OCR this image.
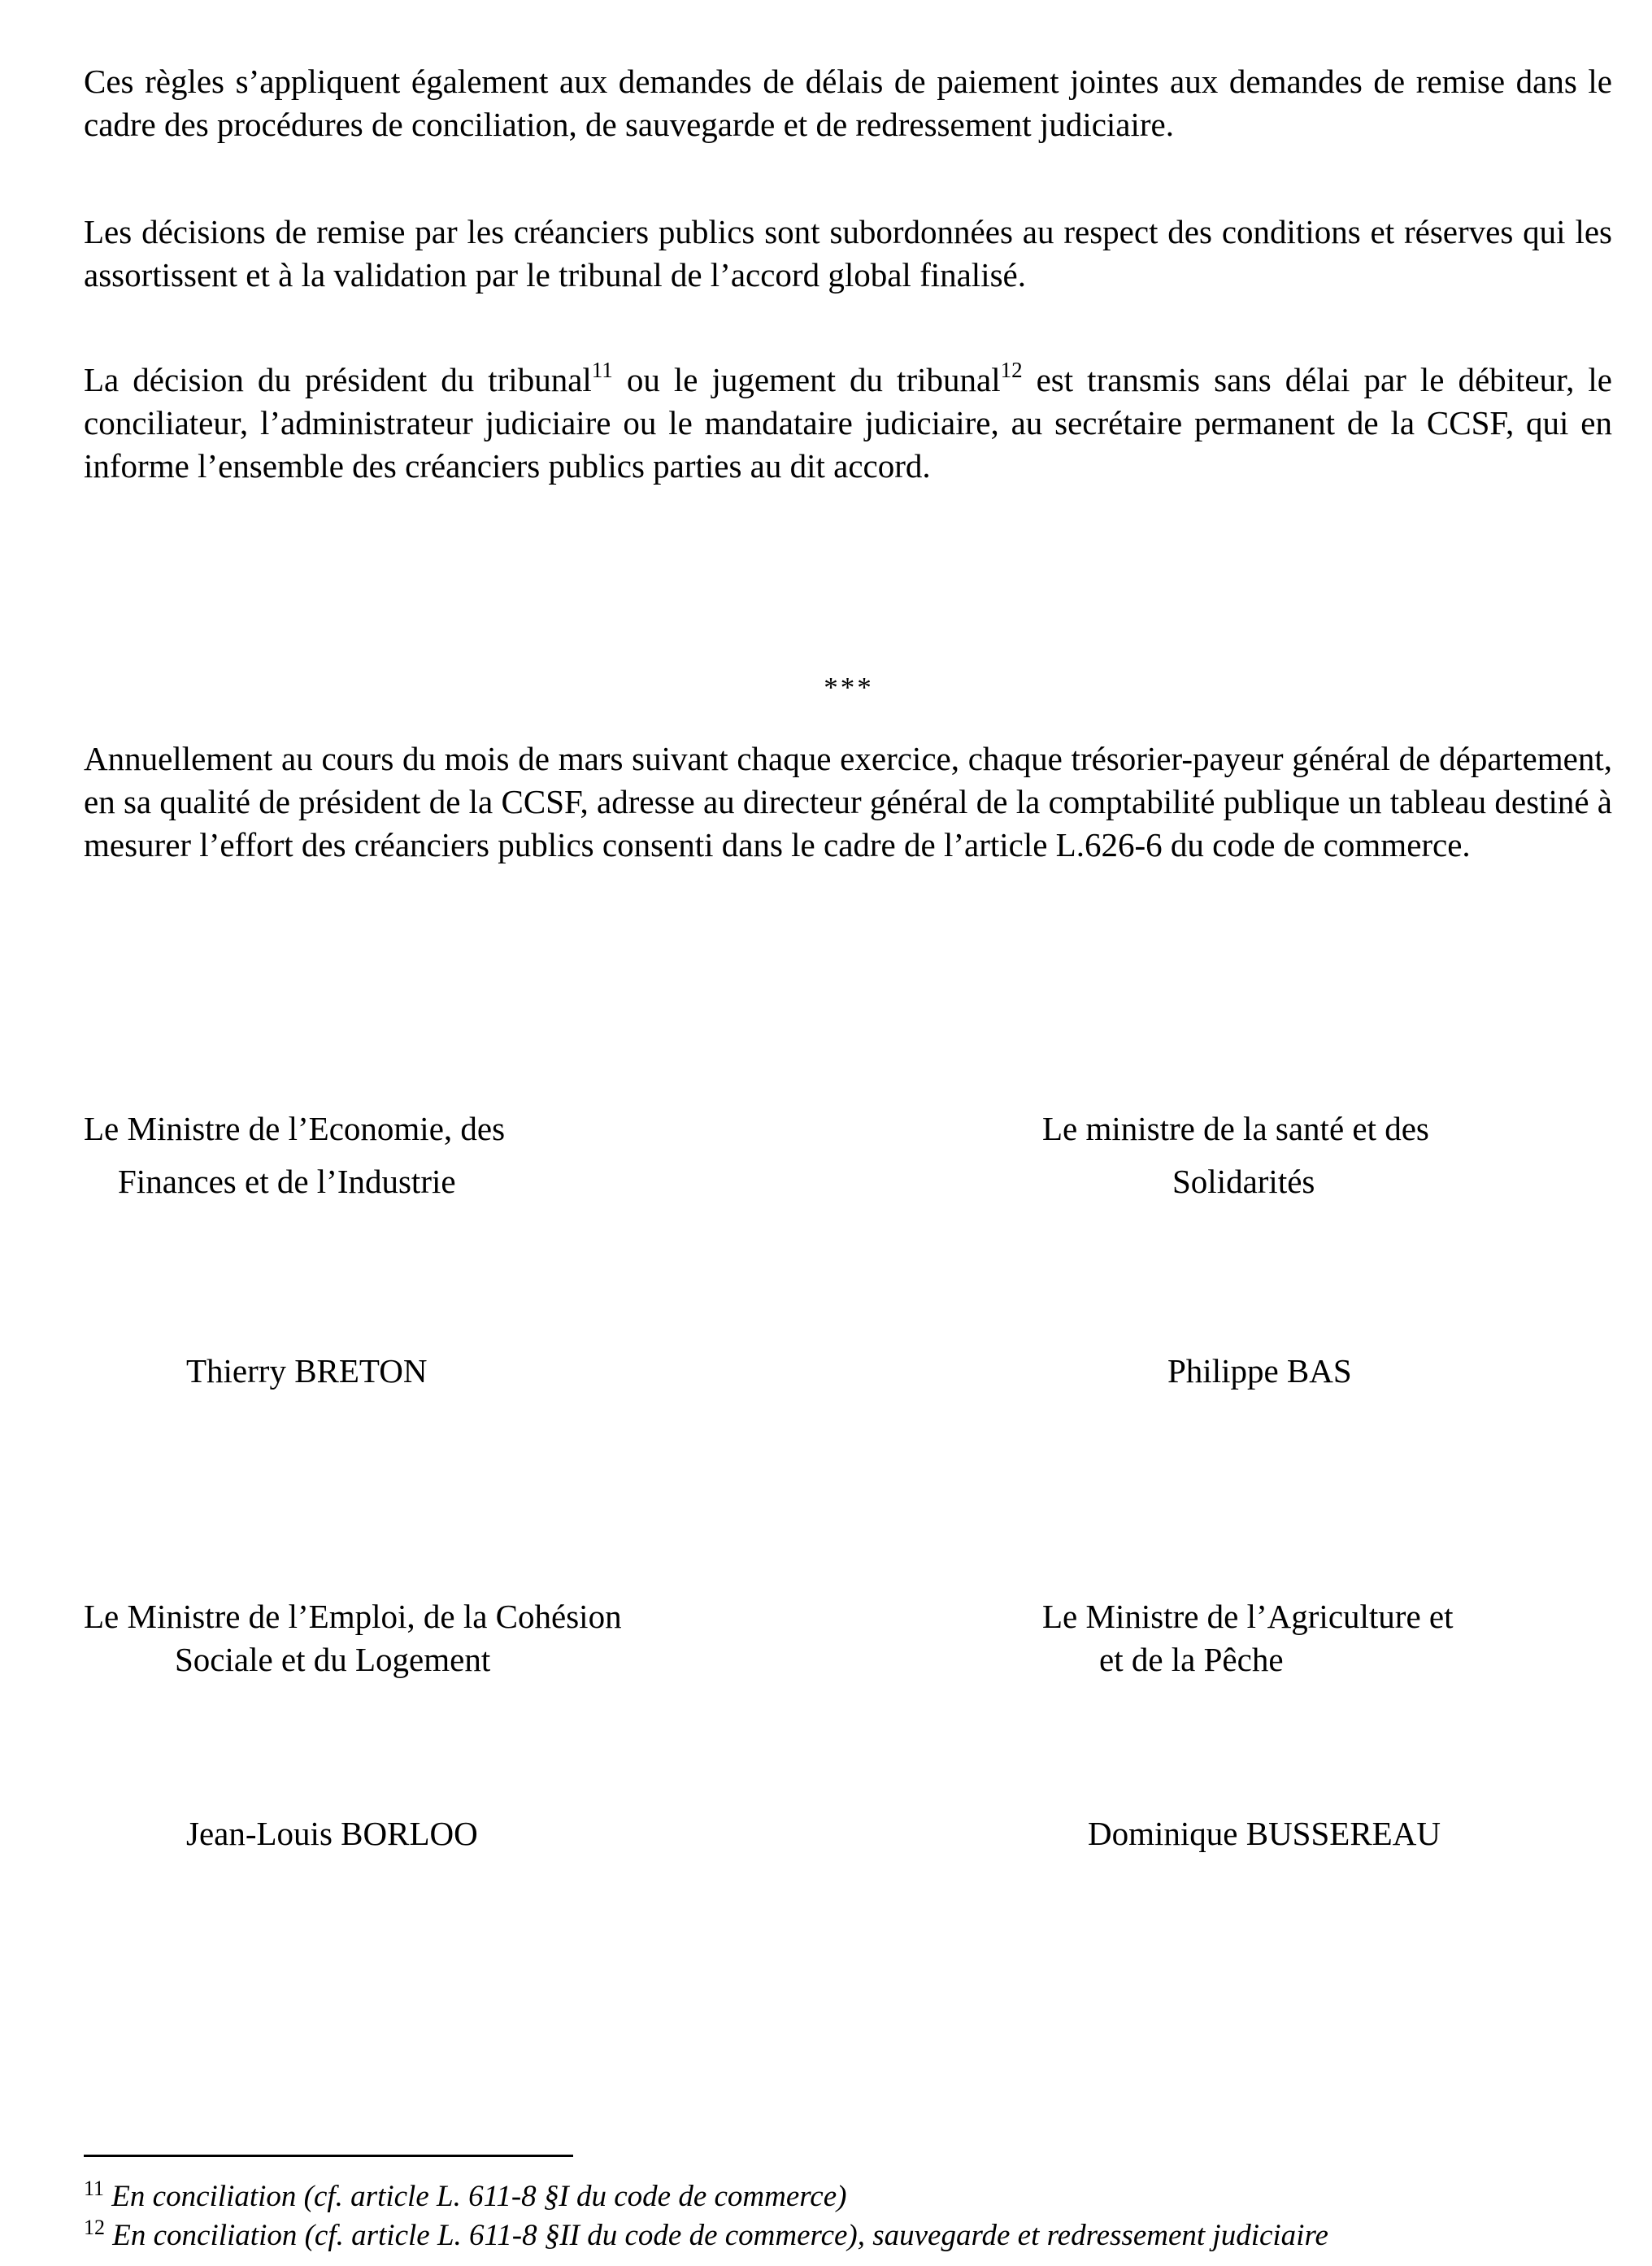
Ces règles s’appliquent également aux demandes de délais de paiement jointes aux demandes de remise dans le cadre des procédures de conciliation, de sauvegarde et de redressement judiciaire.

Les décisions de remise par les créanciers publics sont subordonnées au respect des conditions et réserves qui les assortissent et à la validation par le tribunal de l’accord global finalisé.

La décision du président du tribunal$^{11}$ ou le jugement du tribunal$^{12}$ est transmis sans délai par le débiteur, le conciliateur, l’administrateur judiciaire ou le mandataire judiciaire, au secrétaire permanent de la CCSF, qui en informe l’ensemble des créanciers publics parties au dit accord.

***

Annuellement au cours du mois de mars suivant chaque exercice, chaque trésorier-payeur général de département, en sa qualité de président de la CCSF, adresse au directeur général de la comptabilité publique un tableau destiné à mesurer l’effort des créanciers publics consenti dans le cadre de l’article L.626-6 du code de commerce.

Le Ministre de l’Economie, des
Finances et de l’Industrie
Thierry BRETON
Le ministre de la santé et des
Solidarités
Philippe BAS
Le Ministre de l’Emploi, de la Cohésion
Sociale et du Logement
Jean-Louis BORLOO
Le Ministre de l’Agriculture et
et de la Pêche
Dominique BUSSEREAU
$^{11}$ En conciliation (cf. article L. 611-8 §I du code de commerce)
$^{12}$ En conciliation (cf. article L. 611-8 §II du code de commerce), sauvegarde et redressement judiciaire
